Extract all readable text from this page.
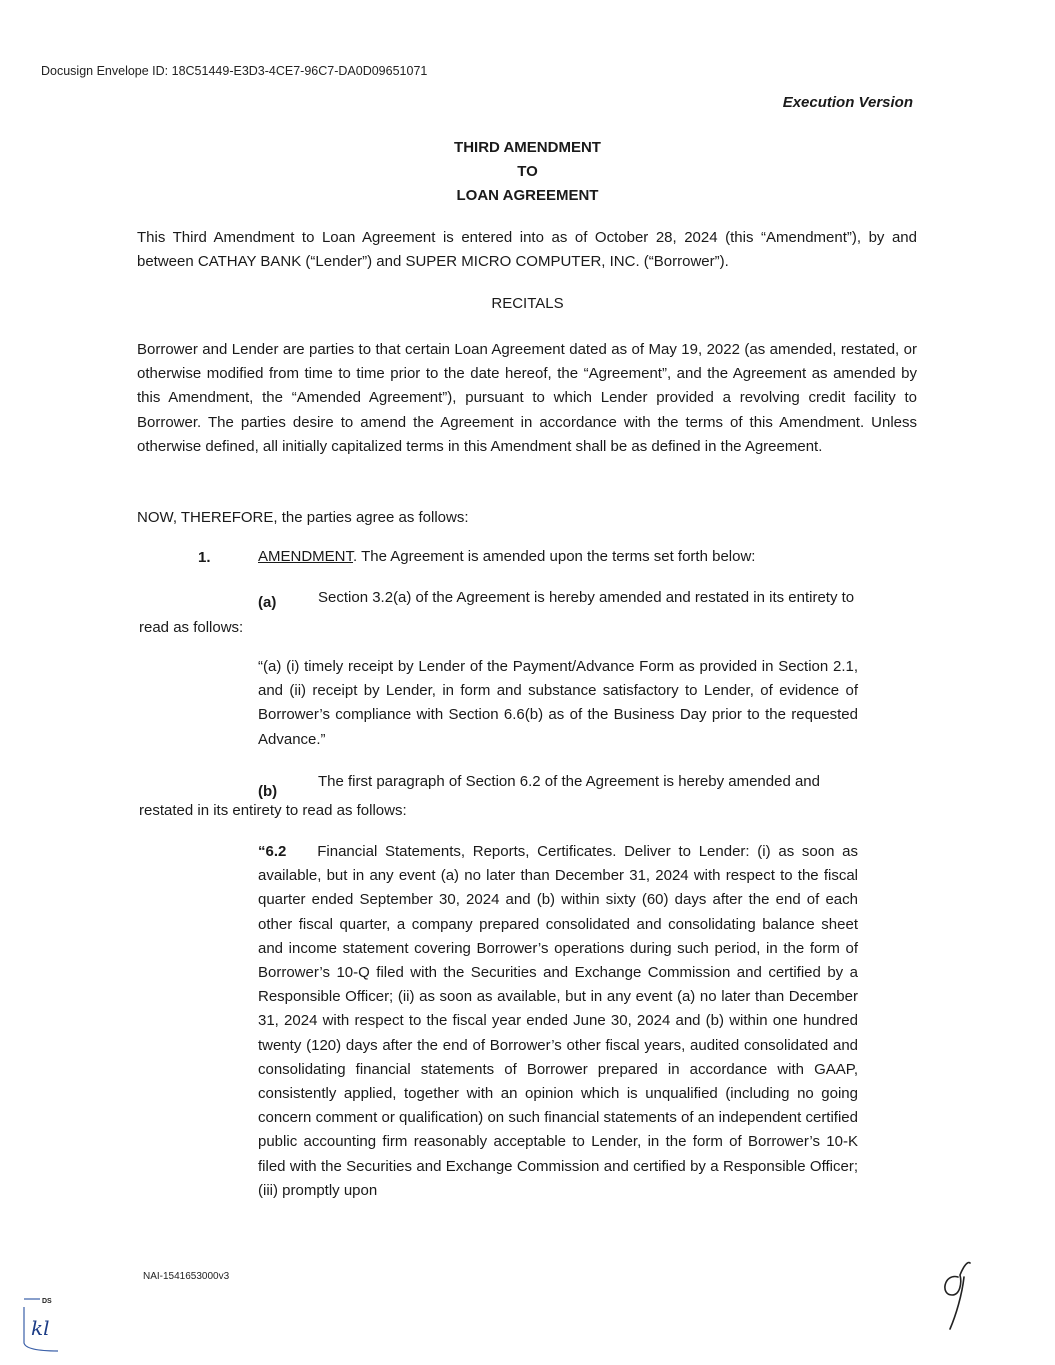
Docusign Envelope ID: 18C51449-E3D3-4CE7-96C7-DA0D09651071
Execution Version
THIRD AMENDMENT
TO
LOAN AGREEMENT

This Third Amendment to Loan Agreement is entered into as of October 28, 2024 (this “Amendment”), by and between CATHAY BANK (“Lender”) and SUPER MICRO COMPUTER, INC. (“Borrower”).

RECITALS

Borrower and Lender are parties to that certain Loan Agreement dated as of May 19, 2022 (as amended, restated, or otherwise modified from time to time prior to the date hereof, the “Agreement”, and the Agreement as amended by this Amendment, the “Amended Agreement”), pursuant to which Lender provided a revolving credit facility to Borrower. The parties desire to amend the Agreement in accordance with the terms of this Amendment. Unless otherwise defined, all initially capitalized terms in this Amendment shall be as defined in the Agreement.

NOW, THEREFORE, the parties agree as follows:

1.	AMENDMENT. The Agreement is amended upon the terms set forth below:
(a)	Section 3.2(a) of the Agreement is hereby amended and restated in its entirety to
read as follows:

“(a) (i) timely receipt by Lender of the Payment/Advance Form as provided in Section 2.1, and (ii) receipt by Lender, in form and substance satisfactory to Lender, of evidence of Borrower’s compliance with Section 6.6(b) as of the Business Day prior to the requested Advance.”

(b)
The first paragraph of Section 6.2 of the Agreement is hereby amended and
restated in its entirety to read as follows:

“6.2 Financial Statements, Reports, Certificates. Deliver to Lender: (i) as soon as available, but in any event (a) no later than December 31, 2024 with respect to the fiscal quarter ended September 30, 2024 and (b) within sixty (60) days after the end of each other fiscal quarter, a company prepared consolidated and consolidating balance sheet and income statement covering Borrower’s operations during such period, in the form of Borrower’s 10-Q filed with the Securities and Exchange Commission and certified by a Responsible Officer; (ii) as soon as available, but in any event (a) no later than December 31, 2024 with respect to the fiscal year ended June 30, 2024 and (b) within one hundred twenty (120) days after the end of Borrower’s other fiscal years, audited consolidated and consolidating financial statements of Borrower prepared in accordance with GAAP, consistently applied, together with an opinion which is unqualified (including no going concern comment or qualification) on such financial statements of an independent certified public accounting firm reasonably acceptable to Lender, in the form of Borrower’s 10-K filed with the Securities and Exchange Commission and certified by a Responsible Officer; (iii) promptly upon

NAI-1541653000v3
DS
kl
